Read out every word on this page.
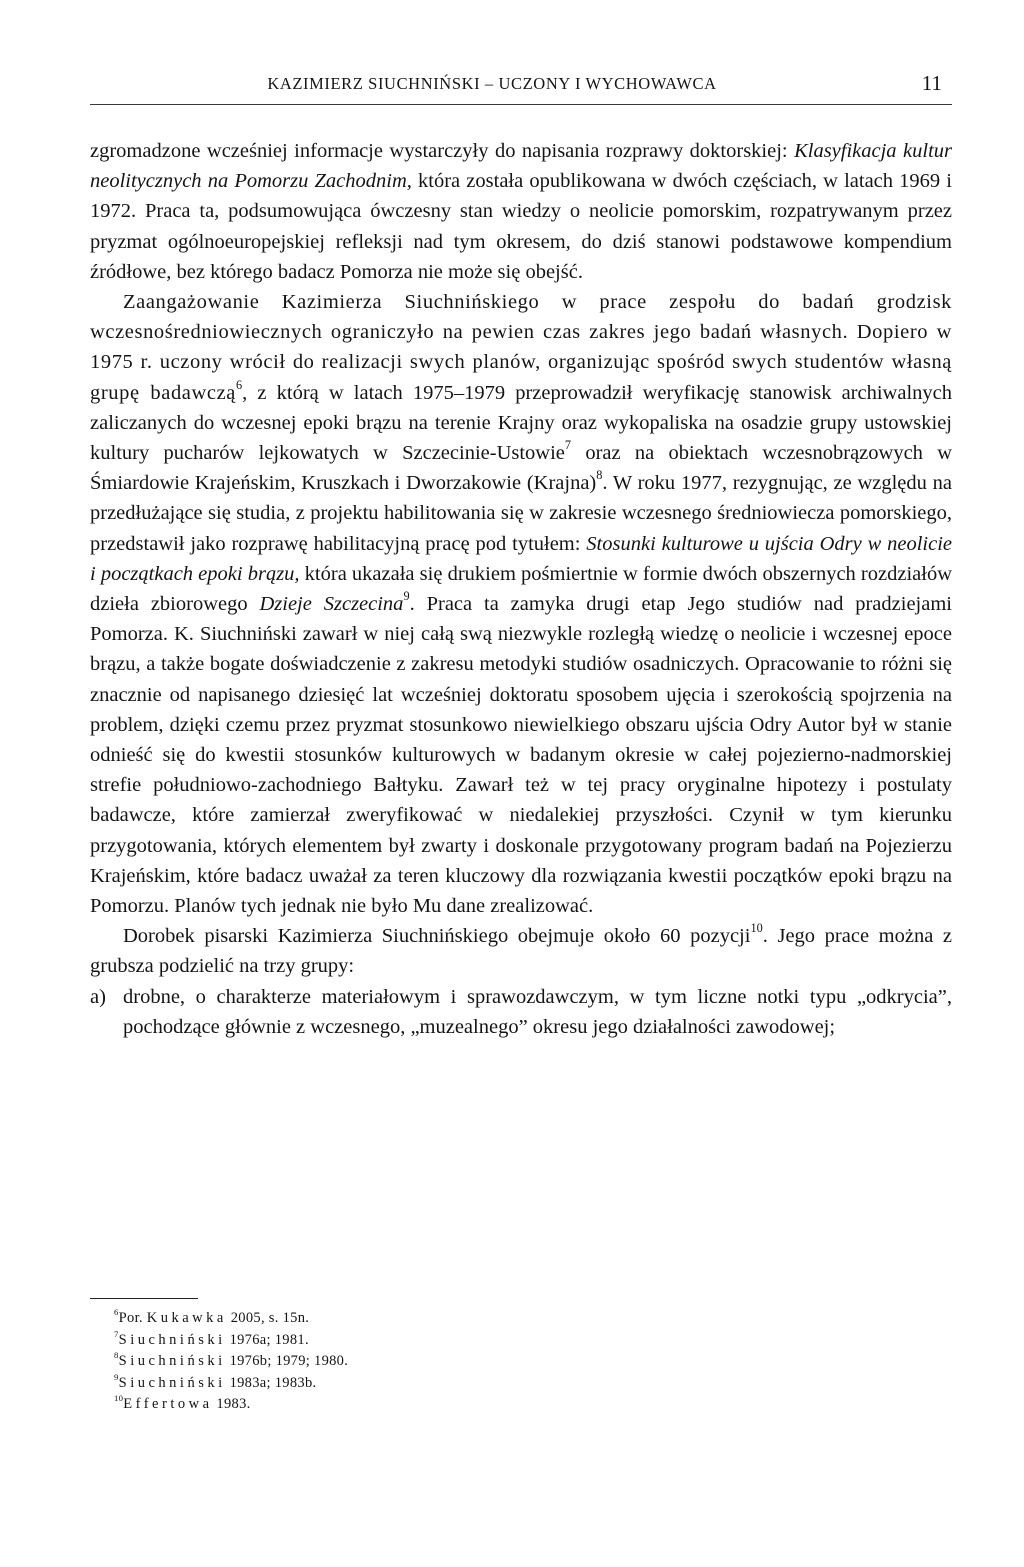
KAZIMIERZ SIUCHNIŃSKI – UCZONY I WYCHOWAWCA	11

zgromadzone wcześniej informacje wystarczyły do napisania rozprawy doktorskiej: Klasyfikacja kultur neolitycznych na Pomorzu Zachodnim, która została opublikowana w dwóch częściach, w latach 1969 i 1972. Praca ta, podsumowująca ówczesny stan wiedzy o neolicie pomorskim, rozpatrywanym przez pryzmat ogólnoeuropejskiej refleksji nad tym okresem, do dziś stanowi podstawowe kompendium źródłowe, bez którego badacz Pomorza nie może się obejść.

Zaangażowanie Kazimierza Siuchnińskiego w prace zespołu do badań grodzisk wczesnośredniowiecznych ograniczyło na pewien czas zakres jego badań własnych. Dopiero w 1975 r. uczony wrócił do realizacji swych planów, organizując spośród swych studentów własną grupę badawczą$^6$, z którą w latach 1975–1979 przeprowadził weryfikację stanowisk archiwalnych zaliczanych do wczesnej epoki brązu na terenie Krajny oraz wykopaliska na osadzie grupy ustowskiej kultury pucharów lejkowatych w Szczecinie-Ustowie$^7$ oraz na obiektach wczesnobrązowych w Śmiardowie Krajeńskim, Kruszkach i Dworzakowie (Krajna)$^8$. W roku 1977, rezygnując, ze względu na przedłużające się studia, z projektu habilitowania się w zakresie wczesnego średniowiecza pomorskiego, przedstawił jako rozprawę habilitacyjną pracę pod tytułem: Stosunki kulturowe u ujścia Odry w neolicie i początkach epoki brązu, która ukazała się drukiem pośmiertnie w formie dwóch obszernych rozdziałów dzieła zbiorowego Dzieje Szczecina$^9$. Praca ta zamyka drugi etap Jego studiów nad pradziejami Pomorza. K. Siuchniński zawarł w niej całą swą niezwykle rozległą wiedzę o neolicie i wczesnej epoce brązu, a także bogate doświadczenie z zakresu metodyki studiów osadniczych. Opracowanie to różni się znacznie od napisanego dziesięć lat wcześniej doktoratu sposobem ujęcia i szerokością spojrzenia na problem, dzięki czemu przez pryzmat stosunkowo niewielkiego obszaru ujścia Odry Autor był w stanie odnieść się do kwestii stosunków kulturowych w badanym okresie w całej pojezierno-nadmorskiej strefie południowo-zachodniego Bałtyku. Zawarł też w tej pracy oryginalne hipotezy i postulaty badawcze, które zamierzał zweryfikować w niedalekiej przyszłości. Czynił w tym kierunku przygotowania, których elementem był zwarty i doskonale przygotowany program badań na Pojezierzu Krajeńskim, które badacz uważał za teren kluczowy dla rozwiązania kwestii początków epoki brązu na Pomorzu. Planów tych jednak nie było Mu dane zrealizować.

Dorobek pisarski Kazimierza Siuchnińskiego obejmuje około 60 pozycji$^{10}$. Jego prace można z grubsza podzielić na trzy grupy:

a) drobne, o charakterze materiałowym i sprawozdawczym, w tym liczne notki typu „odkrycia”, pochodzące głównie z wczesnego, „muzealnego” okresu jego działalności zawodowej;
$^6$Por. Kukawka 2005, s. 15n.
$^7$Siuchniński 1976a; 1981.
$^8$Siuchniński 1976b; 1979; 1980.
$^9$Siuchniński 1983a; 1983b.
$^{10}$Effertowa 1983.
